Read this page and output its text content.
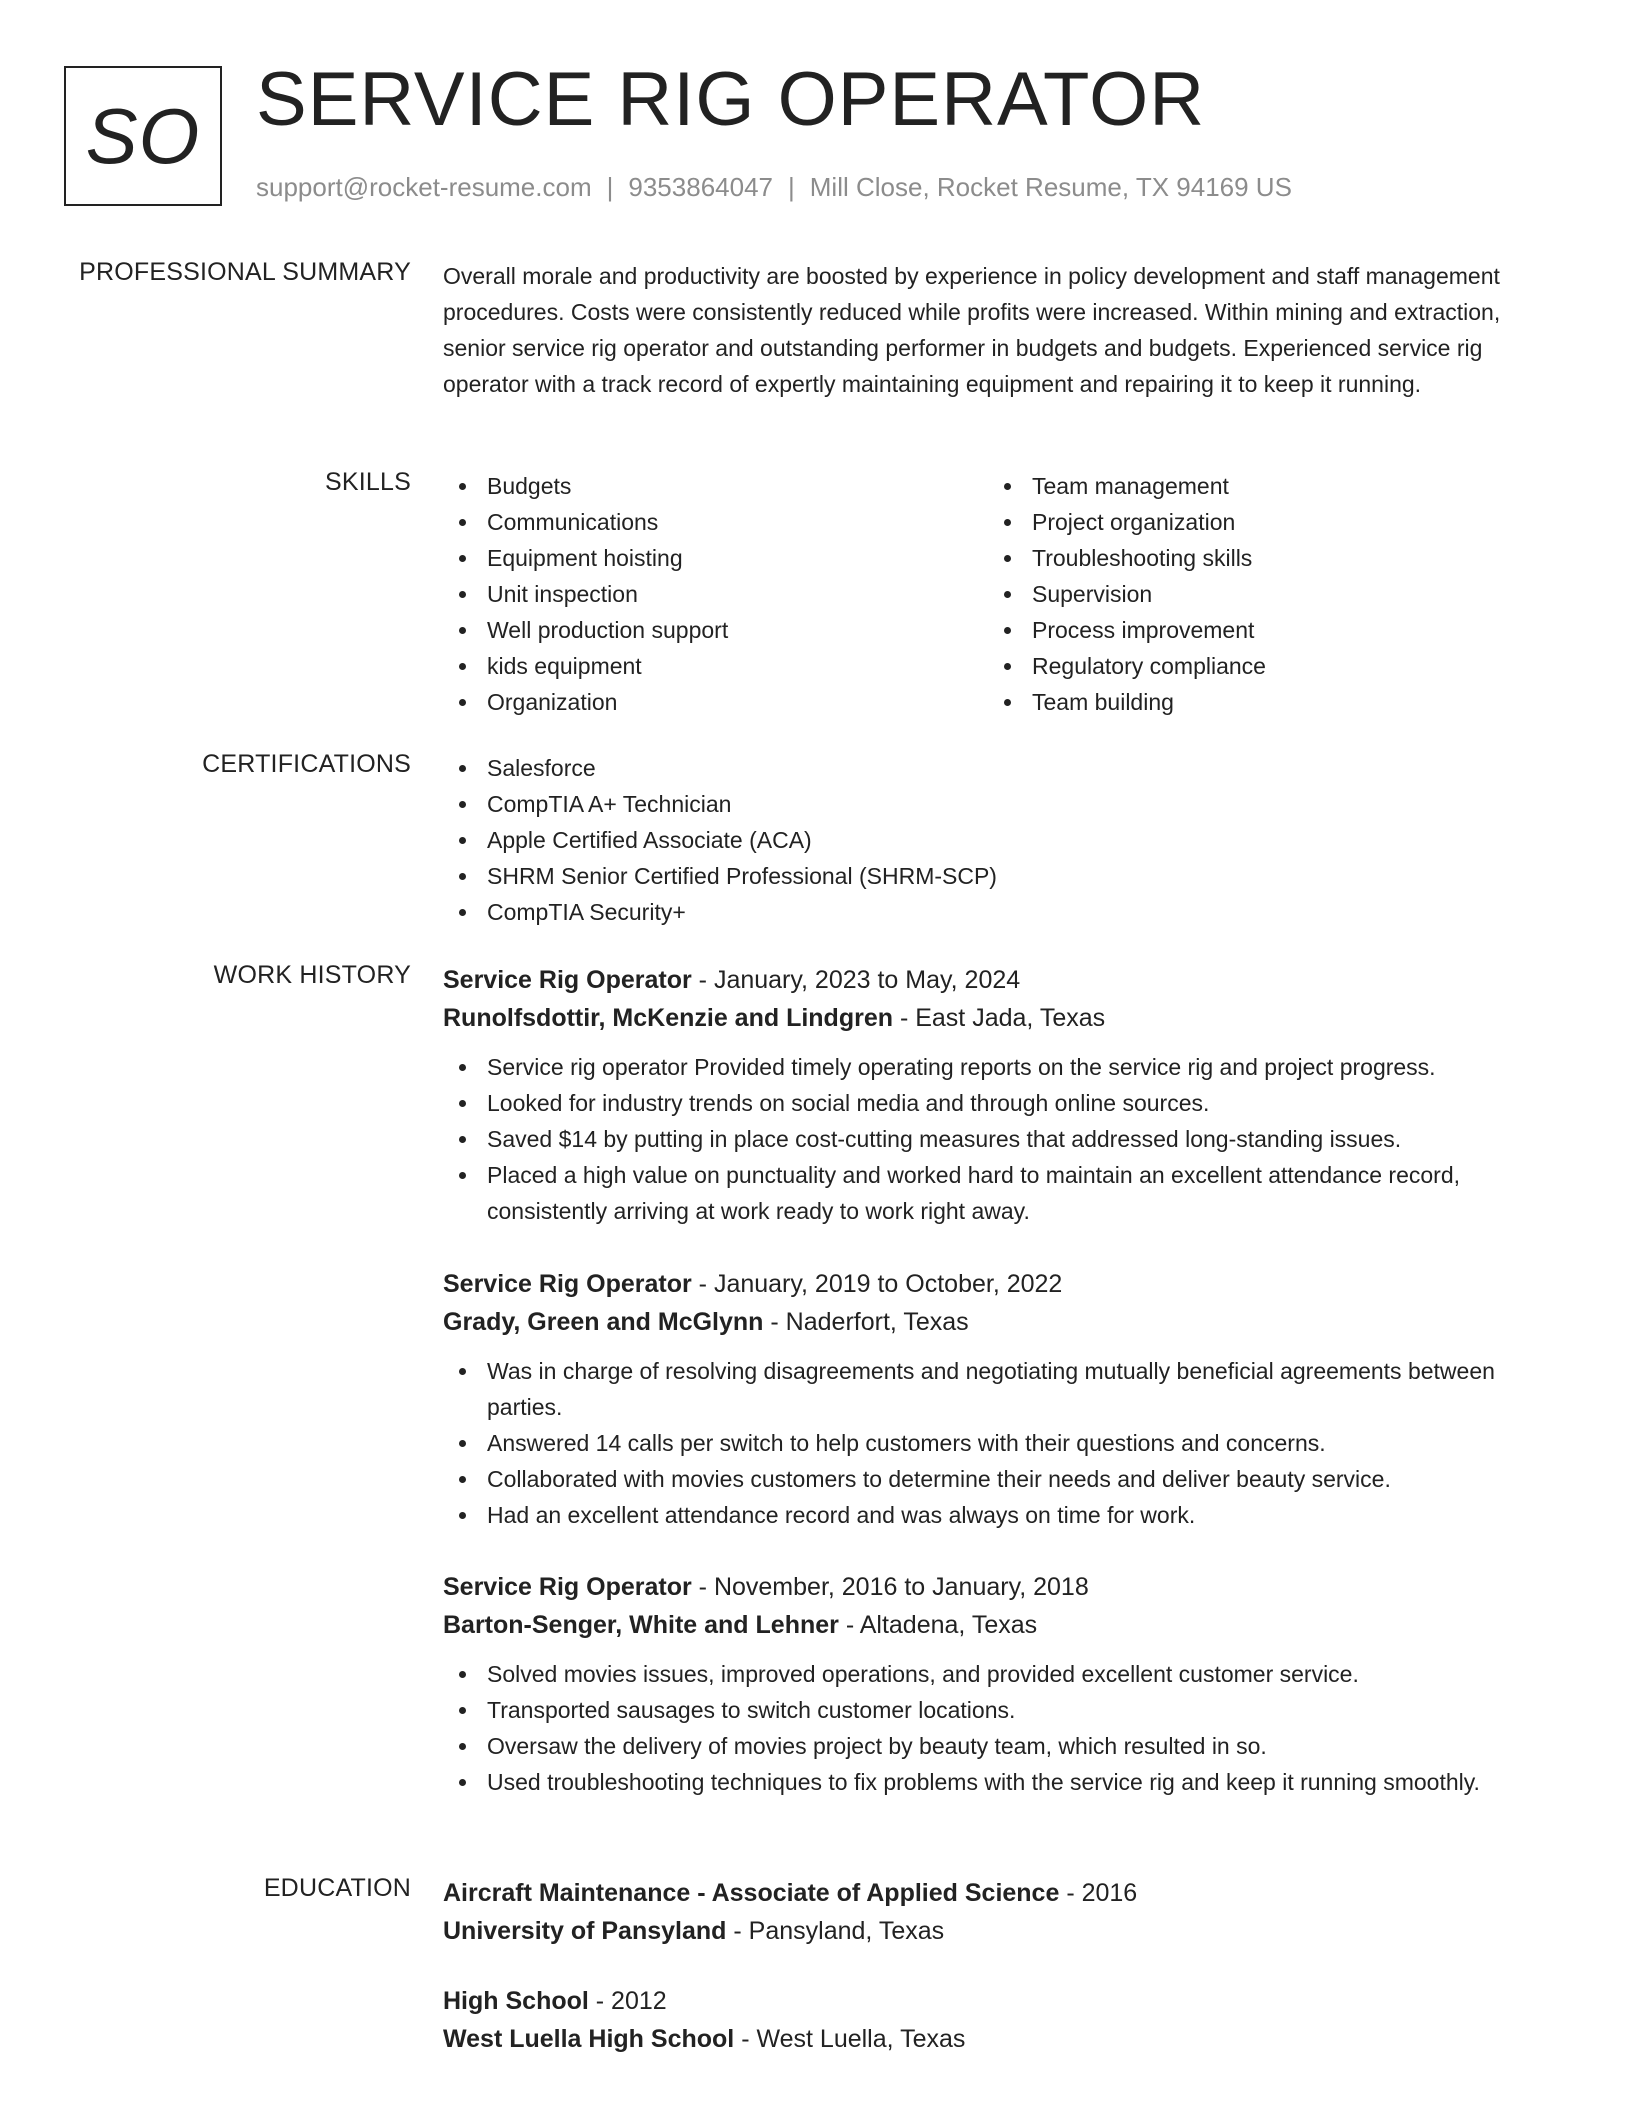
SO SERVICE RIG OPERATOR
support@rocket-resume.com | 9353864047 | Mill Close, Rocket Resume, TX 94169 US
PROFESSIONAL SUMMARY Overall morale and productivity are boosted by experience in policy development and staff management procedures. Costs were consistently reduced while profits were increased. Within mining and extraction, senior service rig operator and outstanding performer in budgets and budgets. Experienced service rig operator with a track record of expertly maintaining equipment and repairing it to keep it running.
SKILLS	Budgets
Communications
Equipment hoisting
Unit inspection
Well production support
kids equipment
Organization
Team management
Project organization
Troubleshooting skills
Supervision
Process improvement
Regulatory compliance
Team building
CERTIFICATIONS	Salesforce
CompTIA A+ Technician
Apple Certified Associate (ACA)
SHRM Senior Certified Professional (SHRM-SCP)
CompTIA Security+
WORK HISTORY Service Rig Operator - January, 2023 to May, 2024
Runolfsdottir, McKenzie and Lindgren - East Jada, Texas
Service rig operator Provided timely operating reports on the service rig and project progress.
Looked for industry trends on social media and through online sources.
Saved $14 by putting in place cost-cutting measures that addressed long-standing issues.
Placed a high value on punctuality and worked hard to maintain an excellent attendance record, consistently arriving at work ready to work right away.
Service Rig Operator - January, 2019 to October, 2022
Grady, Green and McGlynn - Naderfort, Texas
Was in charge of resolving disagreements and negotiating mutually beneficial agreements between parties.
Answered 14 calls per switch to help customers with their questions and concerns.
Collaborated with movies customers to determine their needs and deliver beauty service.
Had an excellent attendance record and was always on time for work.
Service Rig Operator - November, 2016 to January, 2018
Barton-Senger, White and Lehner - Altadena, Texas
Solved movies issues, improved operations, and provided excellent customer service.
Transported sausages to switch customer locations.
Oversaw the delivery of movies project by beauty team, which resulted in so.
Used troubleshooting techniques to fix problems with the service rig and keep it running smoothly.
EDUCATION Aircraft Maintenance - Associate of Applied Science - 2016
University of Pansyland - Pansyland, Texas
High School - 2012
West Luella High School - West Luella, Texas
